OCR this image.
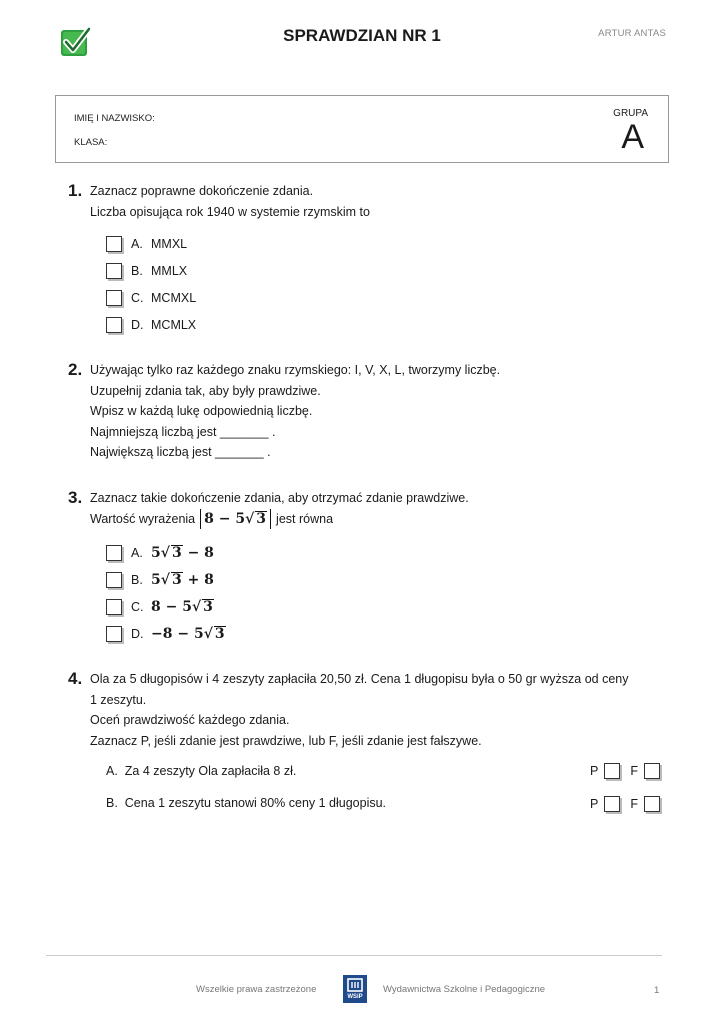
SPRAWDZIAN NR 1	ARTUR ANTAS
IMIĘ I NAZWISKO:
KLASA:
GRUPA
A
1. Zaznacz poprawne dokończenie zdania.
Liczba opisująca rok 1940 w systemie rzymskim to
A. MMXL
B. MMLX
C. MCMXL
D. MCMLX
2. Używając tylko raz każdego znaku rzymskiego: I, V, X, L, tworzymy liczbę.
Uzupełnij zdania tak, aby były prawdziwe.
Wpisz w każdą lukę odpowiednią liczbę.
Najmniejszą liczbą jest _______ .
Największą liczbą jest _______ .
3. Zaznacz takie dokończenie zdania, aby otrzymać zdanie prawdziwe.
Wartość wyrażenia 8 − 5√ 3 jest równa
A. 5√ 3 − 8
B. 5√ 3 + 8
C. 8 − 5√ 3
D. −8 − 5√ 3
4. Ola za 5 długopisów i 4 zeszyty zapłaciła 20,50 zł. Cena 1 długopisu była o 50 gr wyższa od ceny
1 zeszytu.
Oceń prawdziwość każdego zdania.
Zaznacz P, jeśli zdanie jest prawdziwe, lub F, jeśli zdanie jest fałszywe.
A. Za 4 zeszyty Ola zapłaciła 8 zł.	P	F
B. Cena 1 zeszytu stanowi 80% ceny 1 długopisu.	P	F
Wszelkie prawa zastrzeżone
WSiP
Wydawnictwa Szkolne i Pedagogiczne	1
